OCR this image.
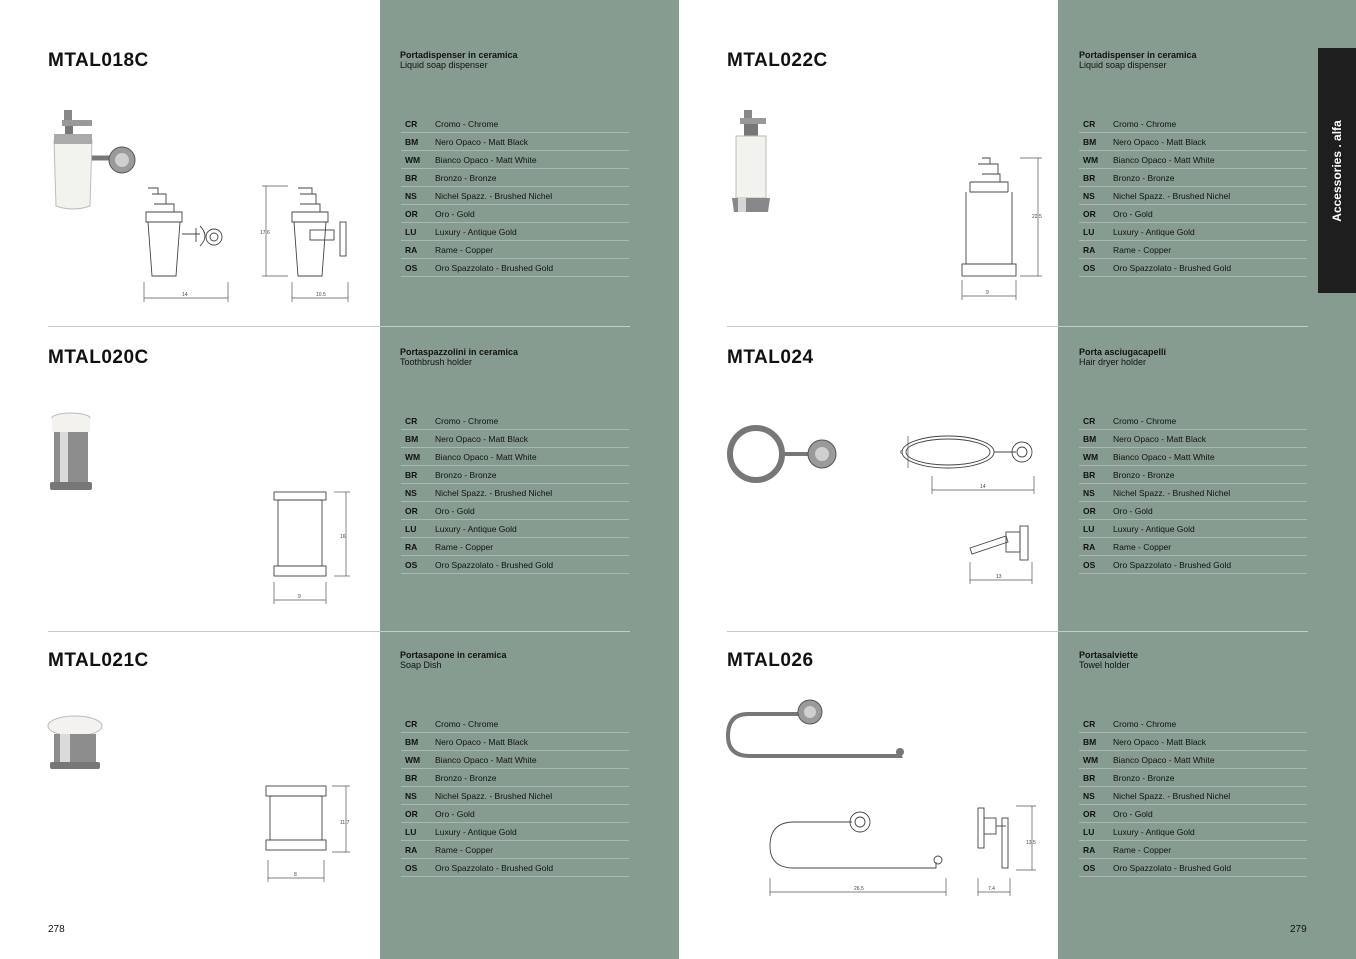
Accessories . alfa
MTAL018C
MTAL020C
MTAL021C
MTAL022C
MTAL024
MTAL026
Portadispenser in ceramica
Liquid soap dispenser
Portaspazzolini in ceramica
Toothbrush holder
Portasapone in ceramica
Soap Dish
Portadispenser in ceramica
Liquid soap dispenser
Porta asciugacapelli
Hair dryer holder
Portasalviette
Towel holder
CR	Cromo - Chrome
BM	Nero Opaco - Matt Black
WM	Bianco Opaco - Matt White
BR	Bronzo - Bronze
NS	Nichel Spazz. - Brushed Nichel
OR	Oro - Gold
LU	Luxury - Antique Gold
RA	Rame - Copper
OS	Oro Spazzolato - Brushed Gold
CR	Cromo - Chrome
BM	Nero Opaco - Matt Black
WM	Bianco Opaco - Matt White
BR	Bronzo - Bronze
NS	Nichel Spazz. - Brushed Nichel
OR	Oro - Gold
LU	Luxury - Antique Gold
RA	Rame - Copper
OS	Oro Spazzolato - Brushed Gold
CR	Cromo - Chrome
BM	Nero Opaco - Matt Black
WM	Bianco Opaco - Matt White
BR	Bronzo - Bronze
NS	Nichel Spazz. - Brushed Nichel
OR	Oro - Gold
LU	Luxury - Antique Gold
RA	Rame - Copper
OS	Oro Spazzolato - Brushed Gold
CR	Cromo - Chrome
BM	Nero Opaco - Matt Black
WM	Bianco Opaco - Matt White
BR	Bronzo - Bronze
NS	Nichel Spazz. - Brushed Nichel
OR	Oro - Gold
LU	Luxury - Antique Gold
RA	Rame - Copper
OS	Oro Spazzolato - Brushed Gold
CR	Cromo - Chrome
BM	Nero Opaco - Matt Black
WM	Bianco Opaco - Matt White
BR	Bronzo - Bronze
NS	Nichel Spazz. - Brushed Nichel
OR	Oro - Gold
LU	Luxury - Antique Gold
RA	Rame - Copper
OS	Oro Spazzolato - Brushed Gold
CR	Cromo - Chrome
BM	Nero Opaco - Matt Black
WM	Bianco Opaco - Matt White
BR	Bronzo - Bronze
NS	Nichel Spazz. - Brushed Nichel
OR	Oro - Gold
LU	Luxury - Antique Gold
RA	Rame - Copper
OS	Oro Spazzolato - Brushed Gold
14
17.6
10.5
16
9
11.7
8
22.5
9
6
14
13
26.5
13.5
7.4
278	279
